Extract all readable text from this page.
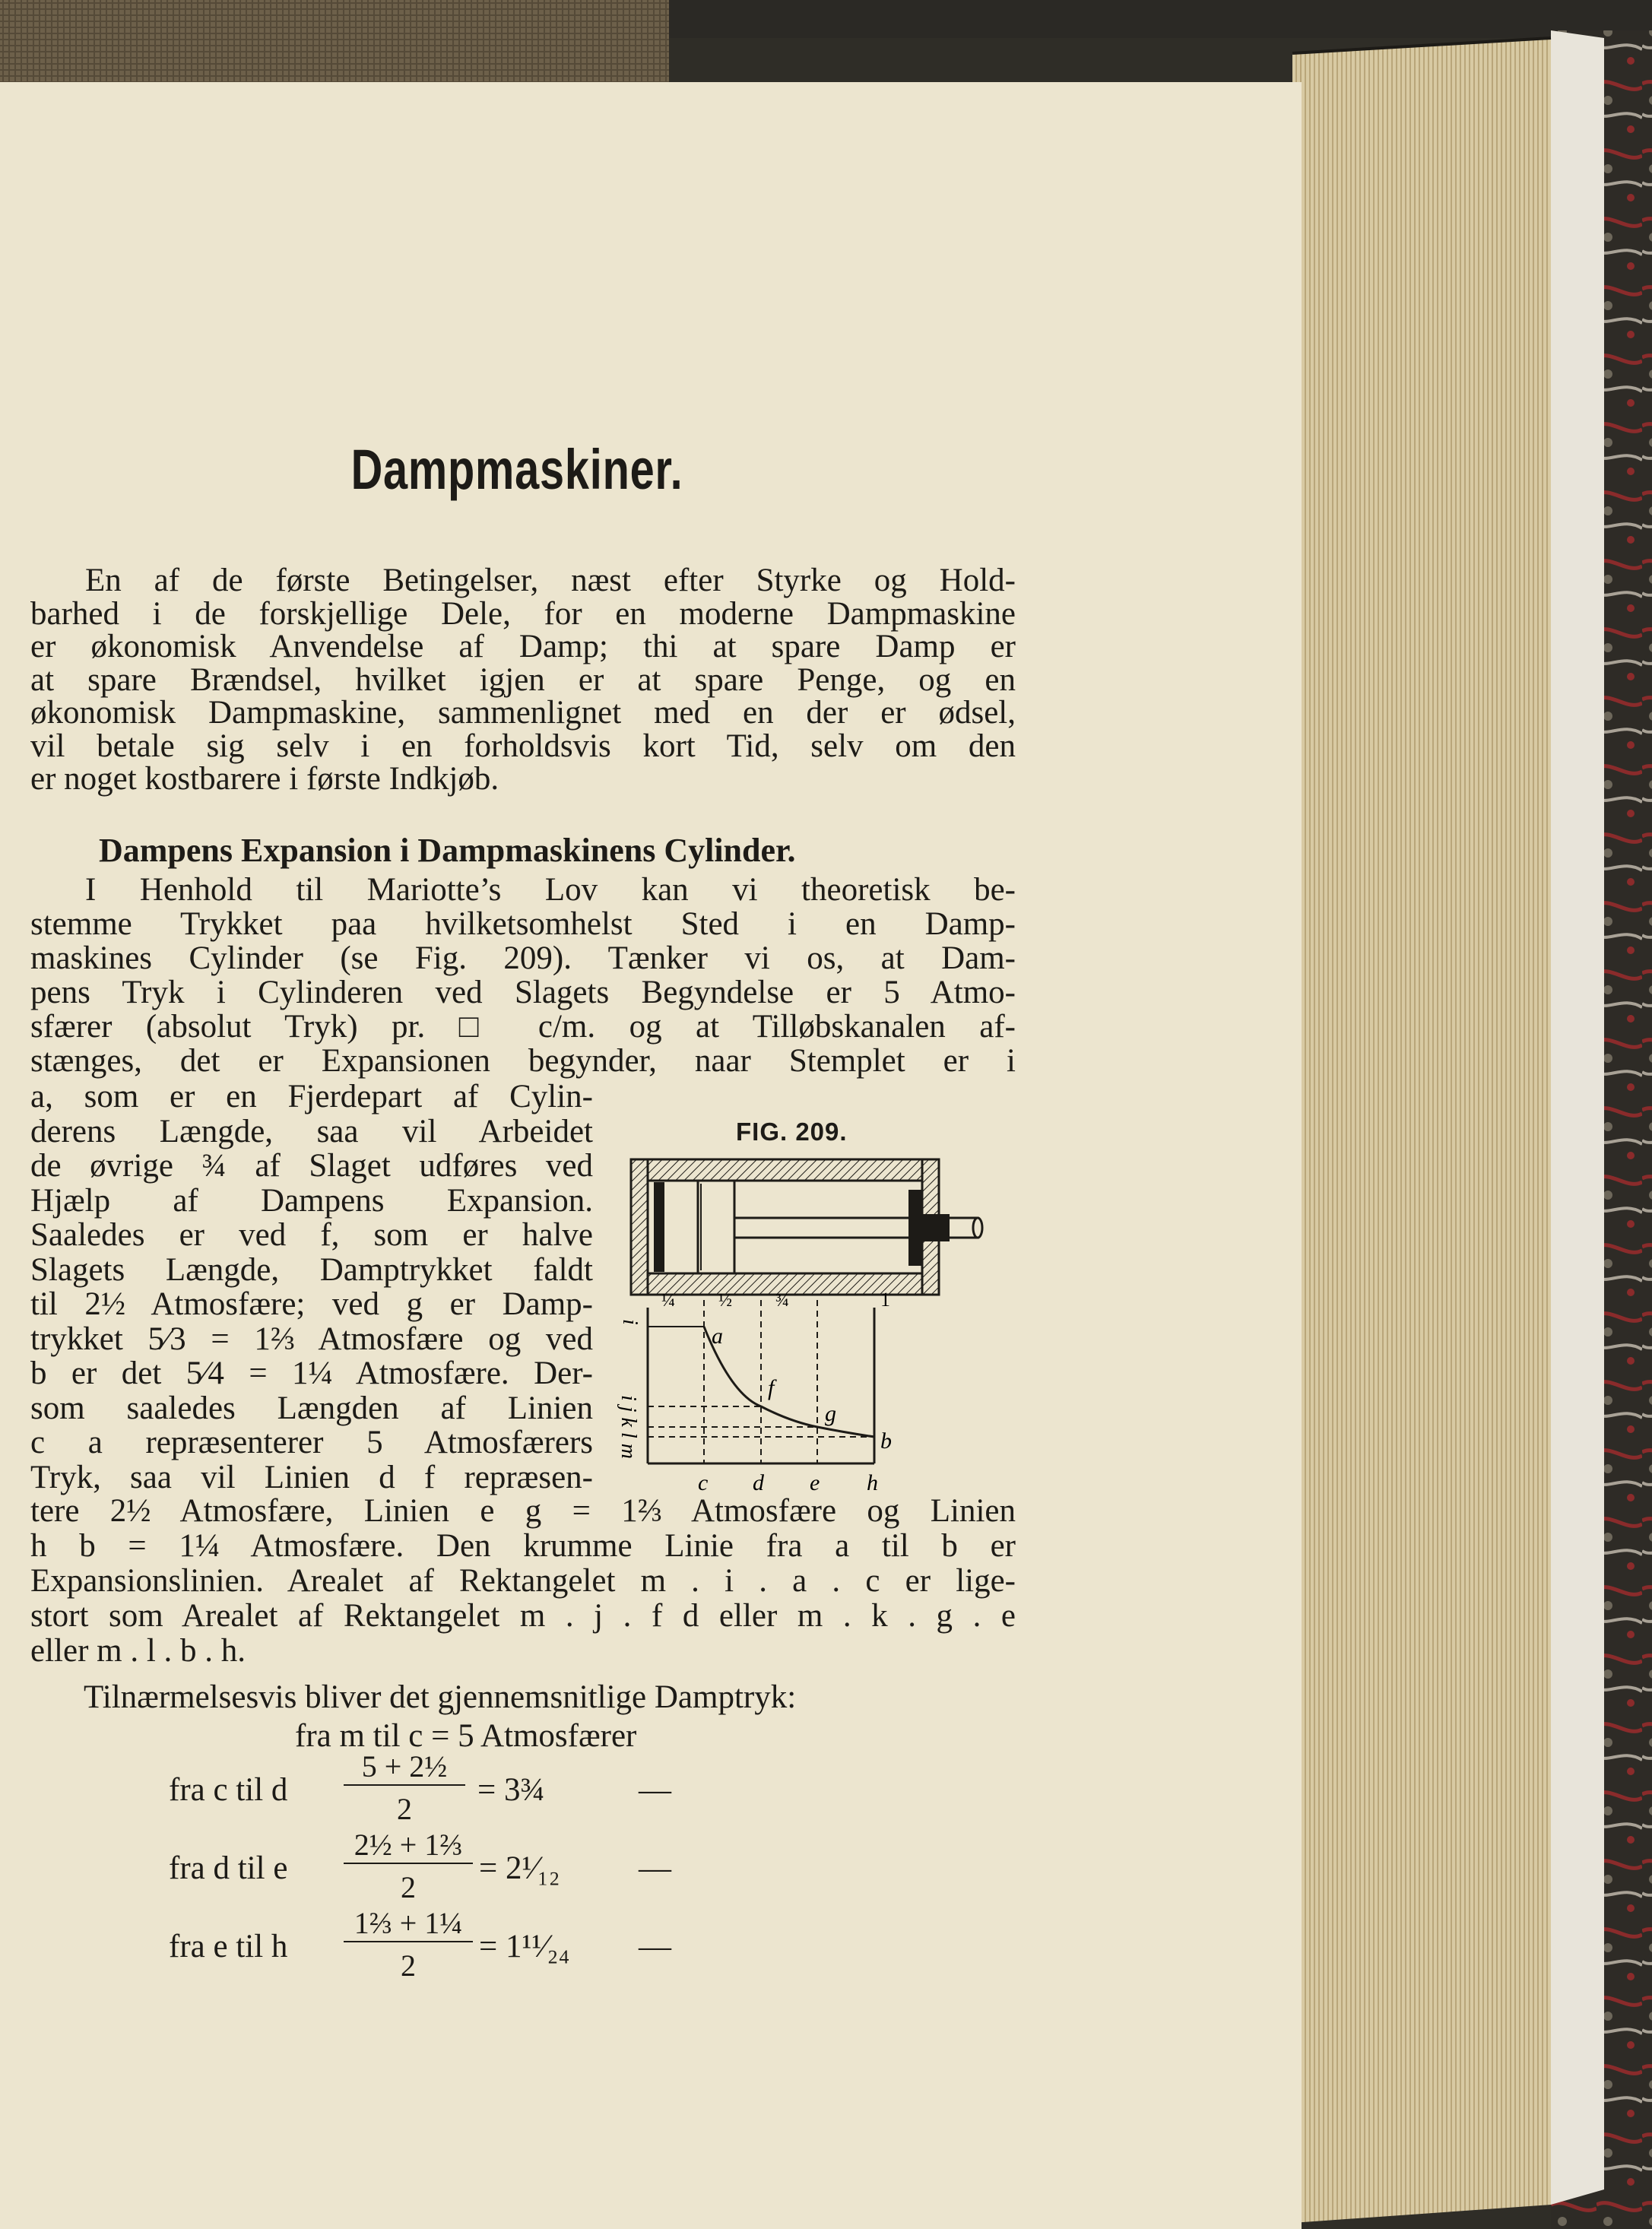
Dampmaskiner.

En af de første Betingelser, næst efter Styrke og Hold-

barhed i de forskjellige Dele, for en moderne Dampmaskine

er økonomisk Anvendelse af Damp; thi at spare Damp er

at spare Brændsel, hvilket igjen er at spare Penge, og en

økonomisk Dampmaskine, sammenlignet med en der er ødsel,

vil betale sig selv i en forholdsvis kort Tid, selv om den

er noget kostbarere i første Indkjøb.

Dampens Expansion i Dampmaskinens Cylinder.

I Henhold til Mariotte’s Lov kan vi theoretisk be-

stemme Trykket paa hvilketsomhelst Sted i en Damp-

maskines Cylinder (se Fig. 209). Tænker vi os, at Dam-

pens Tryk i Cylinderen ved Slagets Begyndelse er 5 Atmo-

sfærer (absolut Tryk) pr. □ c/m. og at Tilløbskanalen af-

stænges, det er Expansionen begynder, naar Stemplet er i

a, som er en Fjerdepart af Cylin-

derens Længde, saa vil Arbeidet

de øvrige ¾ af Slaget udføres ved

Hjælp af Dampens Expansion.

Saaledes er ved f, som er halve

Slagets Længde, Damptrykket faldt

til 2½ Atmosfære; ved g er Damp-

trykket 5⁄3 = 1⅔ Atmosfære og ved

b er det 5⁄4 = 1¼ Atmosfære. Der-

som saaledes Længden af Linien

c a repræsenterer 5 Atmosfærers

Tryk, saa vil Linien d f repræsen-

FIG. 209.
i
i j k l m
¼ ½ ¾	1
a
f
g
b
c d e h

tere 2½ Atmosfære, Linien e g = 1⅔ Atmosfære og Linien

h b = 1¼ Atmosfære. Den krumme Linie fra a til b er

Expansionslinien. Arealet af Rektangelet m . i . a . c er lige-

stort som Arealet af Rektangelet m . j . f d eller m . k . g . e

eller m . l . b . h.

Tilnærmelsesvis bliver det gjennemsnitlige Damptryk:
fra m til c = 5 Atmosfærer
fra c til d
5 + 2½
2
= 3¾	—
fra d til e
2½ + 1⅔
2
= 2¹⁄₁₂ —
fra e til h
1⅔ + 1¼
2
= 1¹¹⁄₂₄ —
